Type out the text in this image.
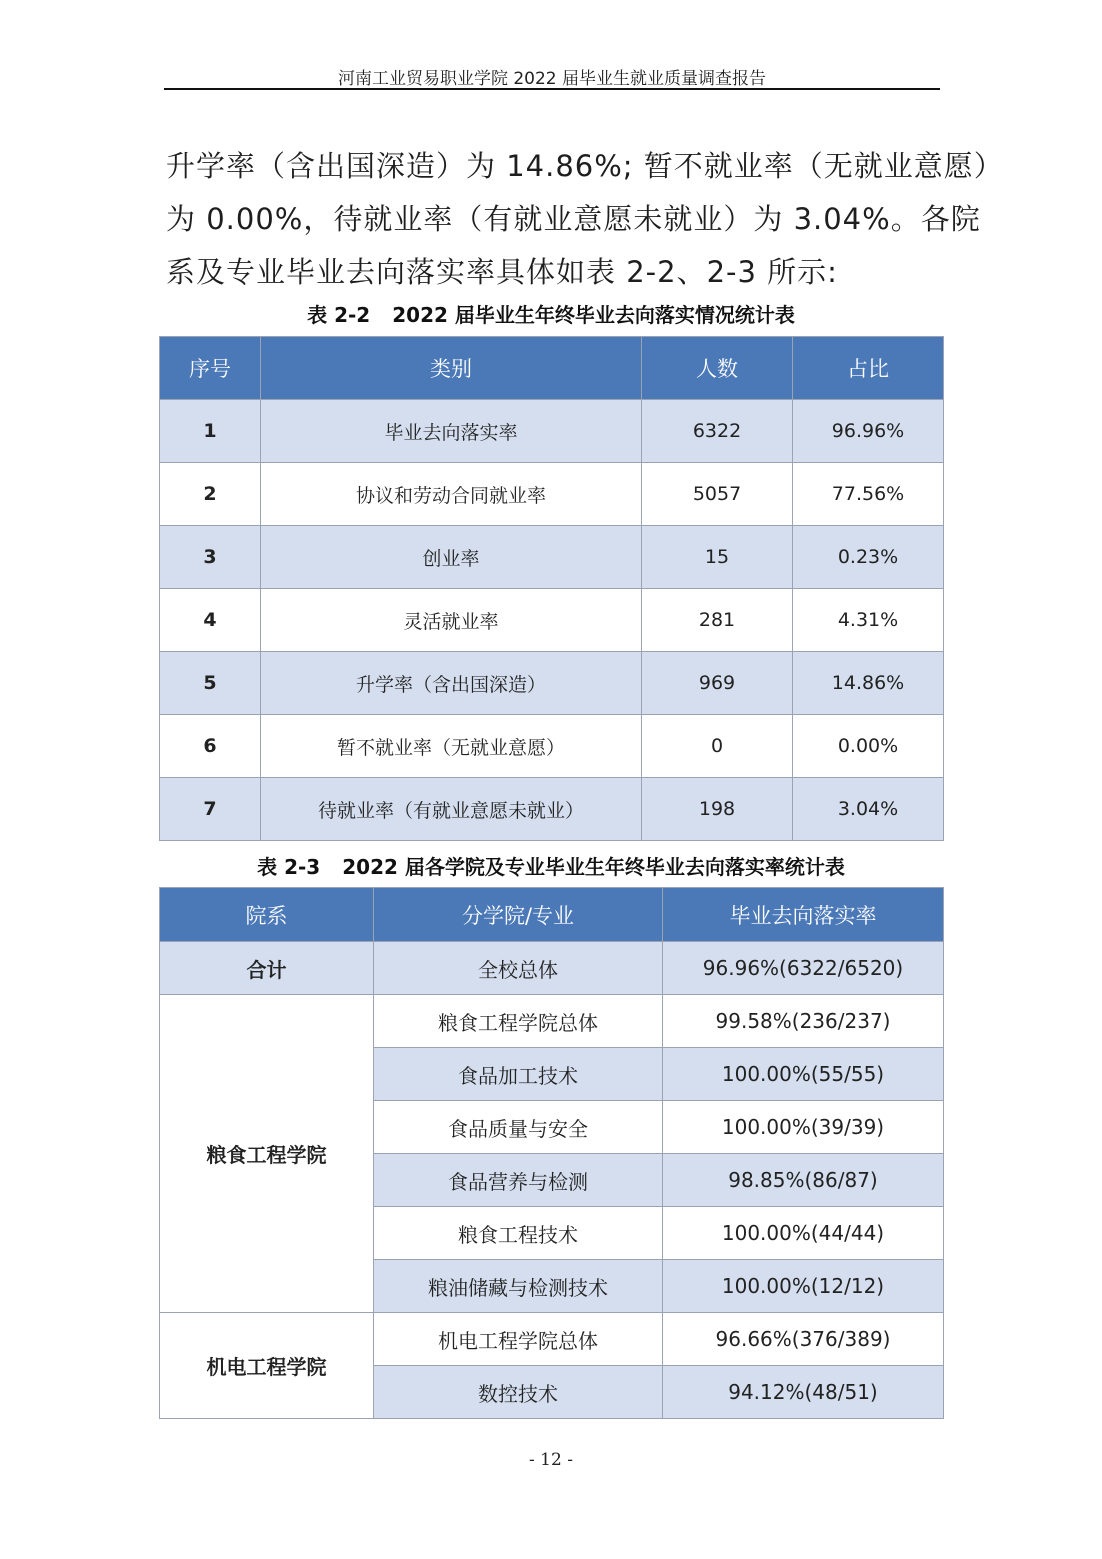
河南工业贸易职业学院 2022 届毕业生就业质量调查报告

升学率（含出国深造）为 14.86%; 暂不就业率（无就业意愿）
为 0.00%，待就业率（有就业意愿未就业）为 3.04%。各院
系及专业毕业去向落实率具体如表 2-2、2-3 所示:

表 2-2 2022 届毕业生年终毕业去向落实情况统计表

序号	类别	人数	占比
1	毕业去向落实率	6322	96.96%
2	协议和劳动合同就业率	5057	77.56%
3	创业率	15	0.23%
4	灵活就业率	281	4.31%
5	升学率（含出国深造）	969	14.86%
6	暂不就业率（无就业意愿）	0	0.00%
7	待就业率（有就业意愿未就业）	198	3.04%

表 2-3 2022 届各学院及专业毕业生年终毕业去向落实率统计表

院系	分学院/专业	毕业去向落实率
合计	全校总体	96.96%(6322/6520)
粮食工程学院	粮食工程学院总体	99.58%(236/237)
	食品加工技术	100.00%(55/55)
	食品质量与安全	100.00%(39/39)
	食品营养与检测	98.85%(86/87)
	粮食工程技术	100.00%(44/44)
	粮油储藏与检测技术	100.00%(12/12)
机电工程学院	机电工程学院总体	96.66%(376/389)
	数控技术	94.12%(48/51)
- 12 -
